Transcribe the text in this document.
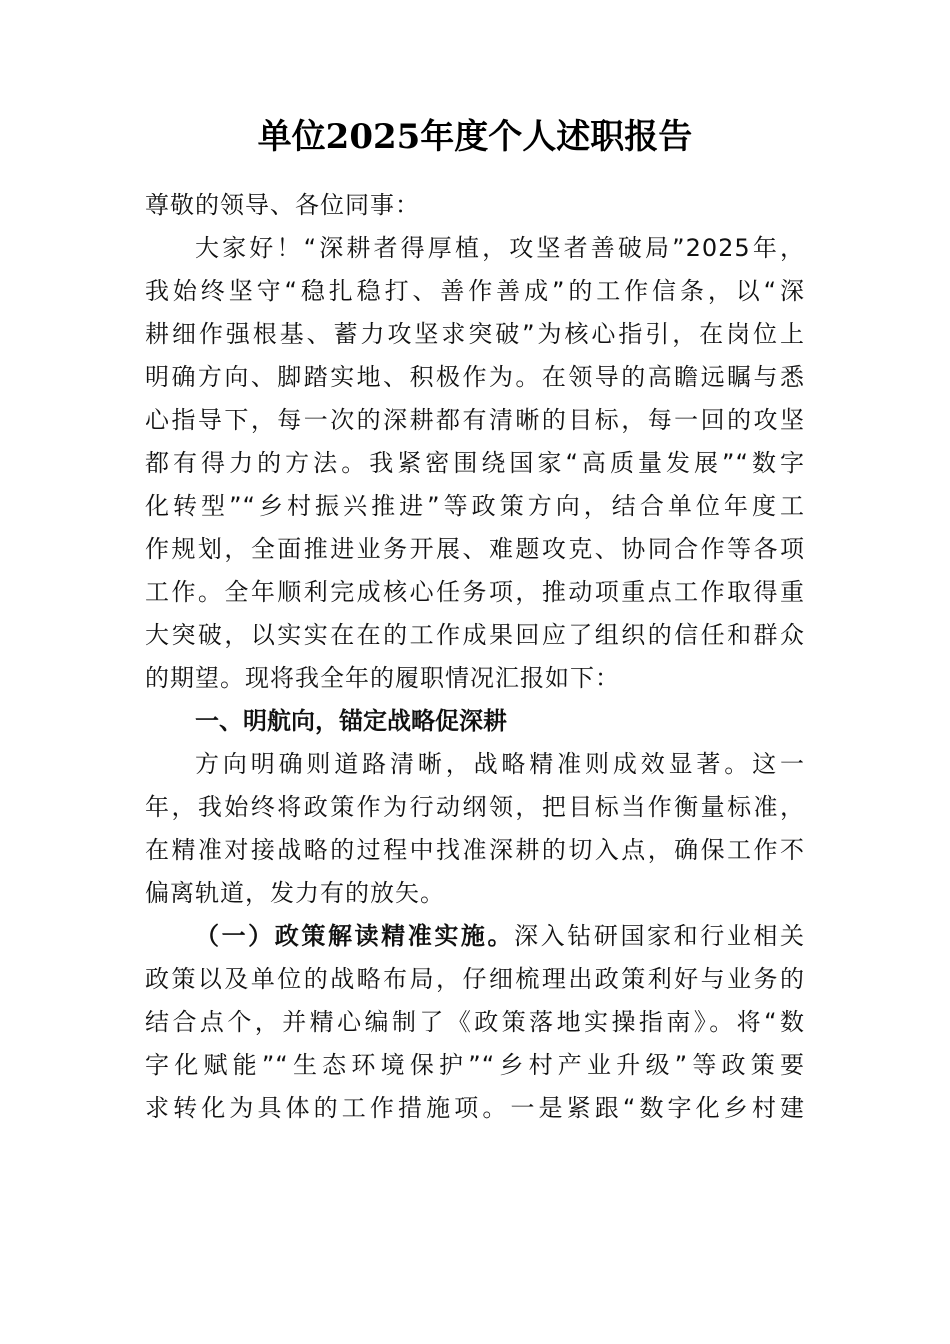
单位2025年度个人述职报告
尊敬的领导、各位同事：
大家好！“深耕者得厚植，攻坚者善破局”2025年，
我始终坚守“稳扎稳打、善作善成”的工作信条，以“深
耕细作强根基、蓄力攻坚求突破”为核心指引，在岗位上
明确方向、脚踏实地、积极作为。在领导的高瞻远瞩与悉
心指导下，每一次的深耕都有清晰的目标，每一回的攻坚
都有得力的方法。我紧密围绕国家“高质量发展”“数字
化转型”“乡村振兴推进”等政策方向，结合单位年度工
作规划，全面推进业务开展、难题攻克、协同合作等各项
工作。全年顺利完成核心任务项，推动项重点工作取得重
大突破，以实实在在的工作成果回应了组织的信任和群众
的期望。现将我全年的履职情况汇报如下：
一、明航向，锚定战略促深耕
方向明确则道路清晰，战略精准则成效显著。这一
年，我始终将政策作为行动纲领，把目标当作衡量标准，
在精准对接战略的过程中找准深耕的切入点，确保工作不
偏离轨道，发力有的放矢。
（一）政策解读精准实施。深入钻研国家和行业相关
政策以及单位的战略布局，仔细梳理出政策利好与业务的
结合点个，并精心编制了《政策落地实操指南》。将“数
字化赋能”“生态环境保护”“乡村产业升级”等政策要
求转化为具体的工作措施项。一是紧跟“数字化乡村建
